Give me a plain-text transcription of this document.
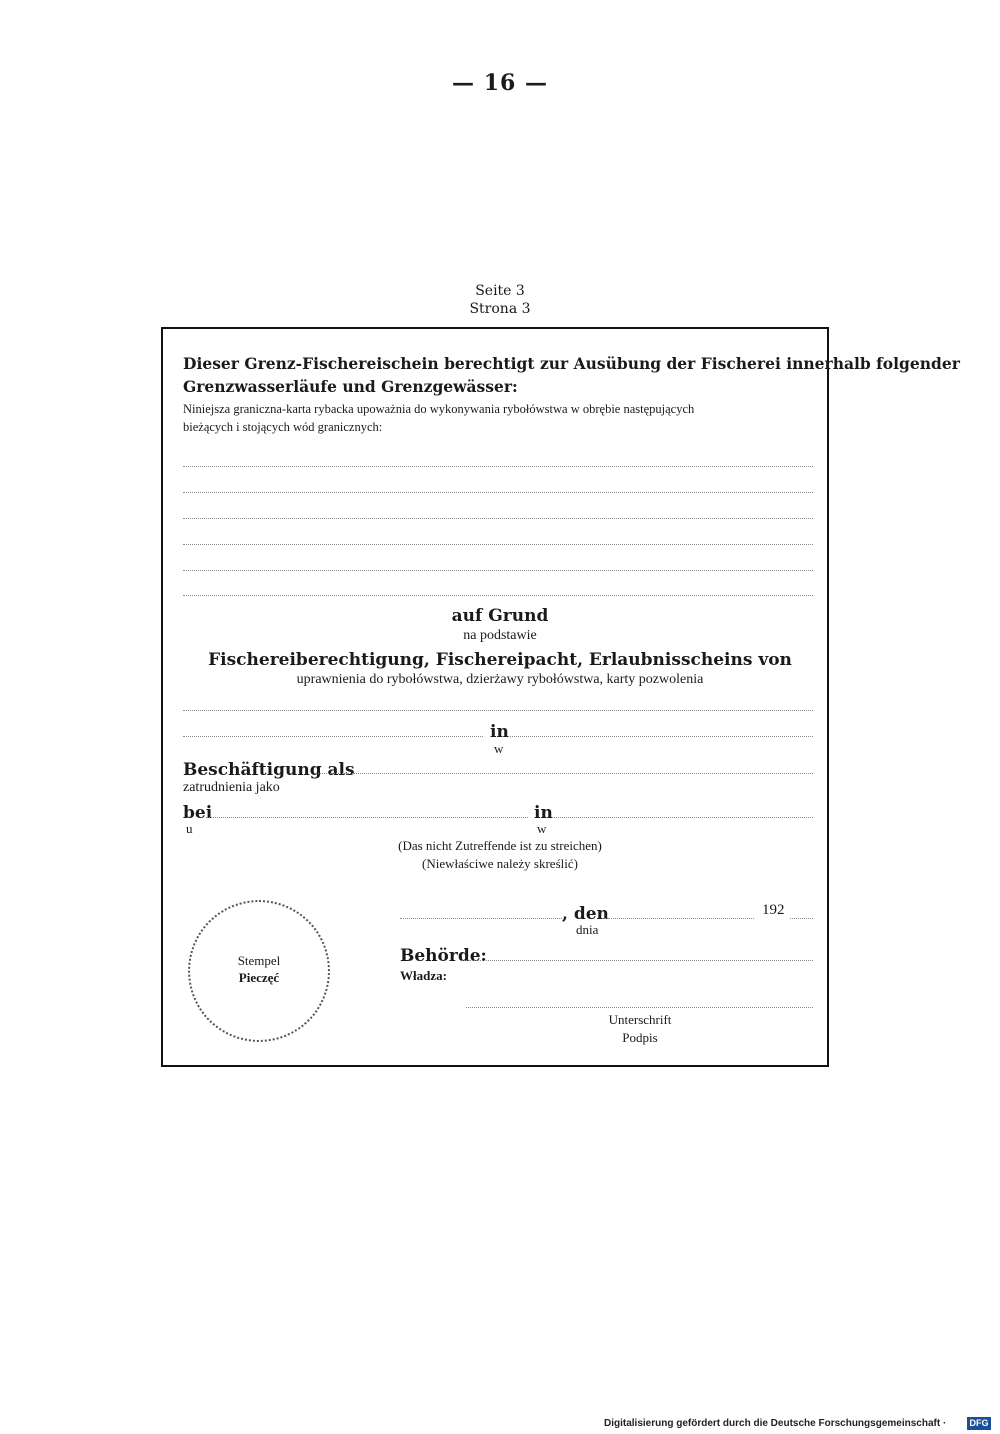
— 16 —
Seite 3
Strona 3
Dieser Grenz-Fischereischein berechtigt zur Ausübung der Fischerei innerhalb folgender
Grenzwasserläufe und Grenzgewässer:
Niniejsza graniczna-karta rybacka upoważnia do wykonywania rybołówstwa w obrębie następujących
bieżących i stojących wód granicznych:
auf Grund
na podstawie
Fischereiberechtigung, Fischereipacht, Erlaubnisscheins von
uprawnienia do rybołówstwa, dzierżawy rybołówstwa, karty pozwolenia
in
w
Beschäftigung als
zatrudnienia jako
bei
u
in
w
(Das nicht Zutreffende ist zu streichen)
(Niewłaściwe należy skreślić)
, den
dnia
192
Stempel
Pieczęć
Behörde:
Władza:
Unterschrift
Podpis
Digitalisierung gefördert durch die Deutsche Forschungsgemeinschaft ·	DFG
